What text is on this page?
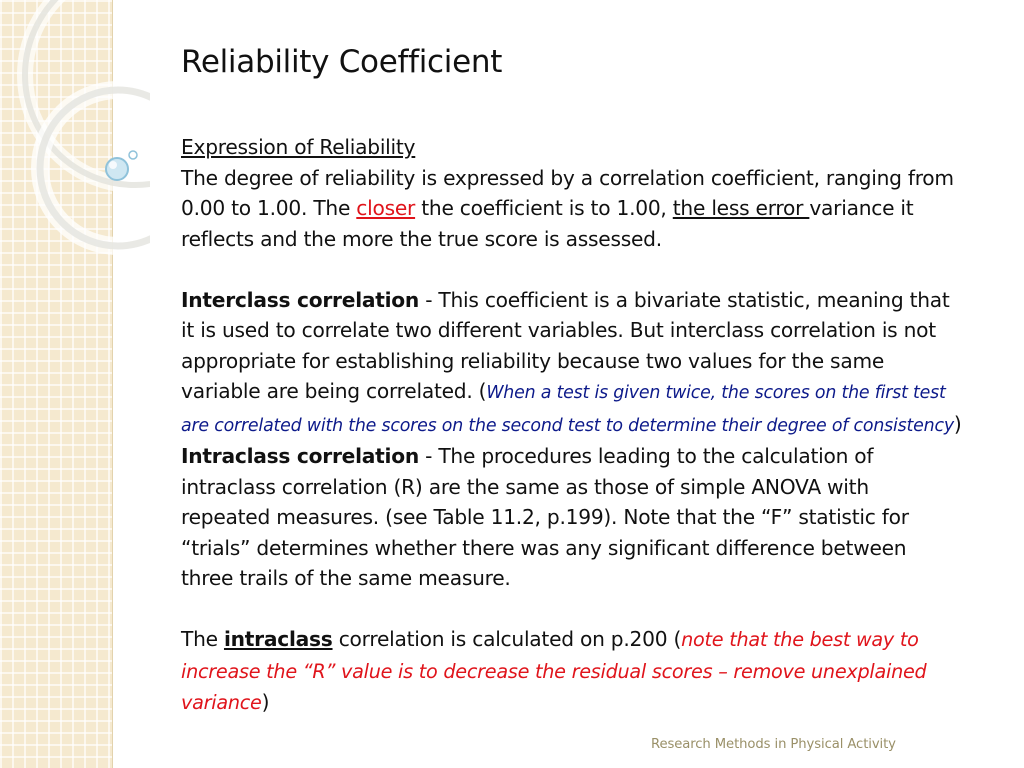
Reliability Coefficient

Expression of Reliability
The degree of reliability is expressed by a correlation coefficient, ranging from
0.00 to 1.00. The closer the coefficient is to 1.00, the less error variance it
reflects and the more the true score is assessed.

Interclass correlation - This coefficient is a bivariate statistic, meaning that
it is used to correlate two different variables. But interclass correlation is not
appropriate for establishing reliability because two values for the same
variable are being correlated. (When a test is given twice, the scores on the first test
are correlated with the scores on the second test to determine their degree of consistency)

Intraclass correlation - The procedures leading to the calculation of
intraclass correlation (R) are the same as those of simple ANOVA with
repeated measures. (see Table 11.2, p.199). Note that the “F” statistic for
“trials” determines whether there was any significant difference between
three trails of the same measure.

The intraclass correlation is calculated on p.200 (note that the best way to
increase the “R” value is to decrease the residual scores – remove unexplained
variance)

Research Methods in Physical Activity
